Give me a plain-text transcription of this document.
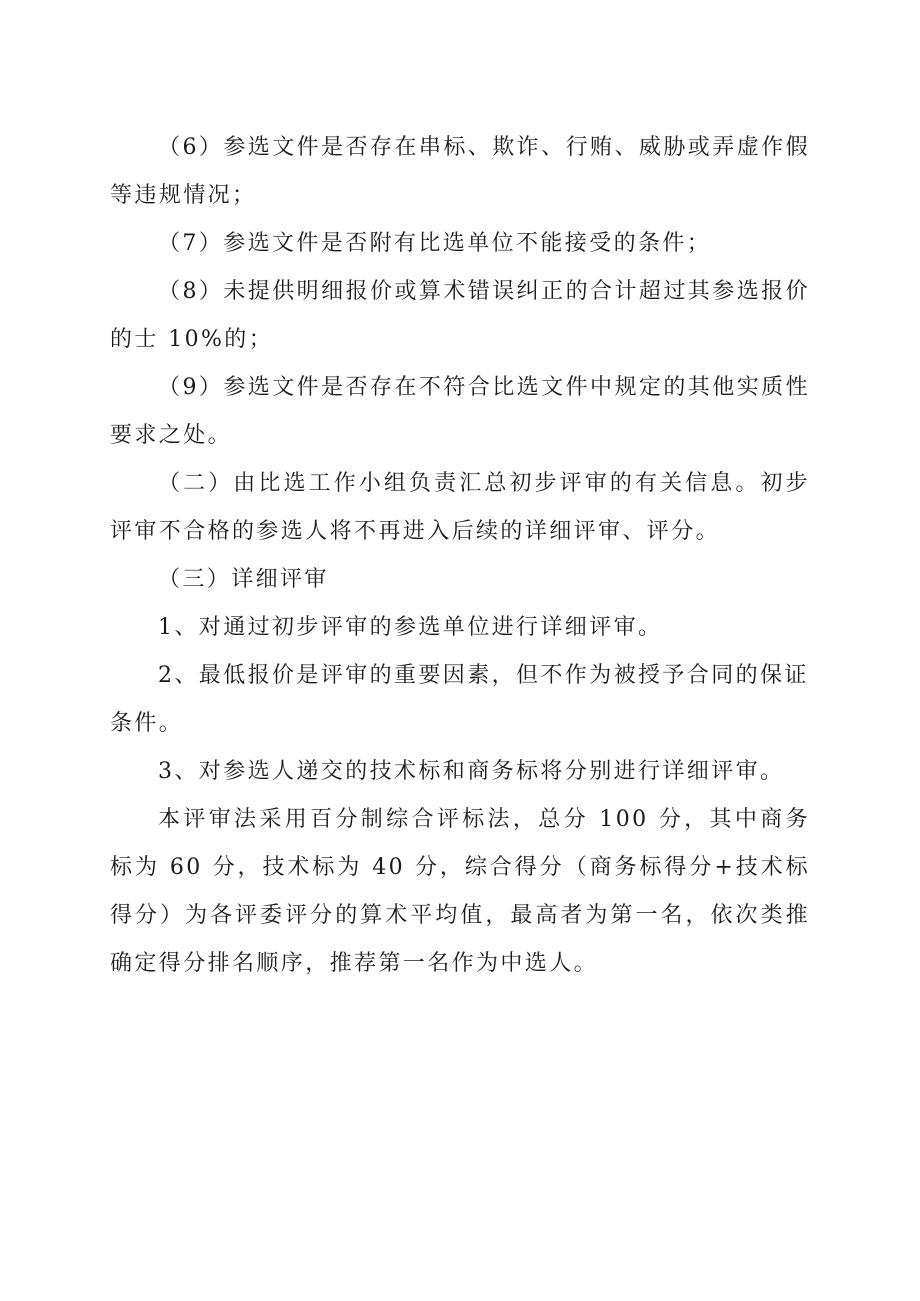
（6）参选文件是否存在串标、欺诈、行贿、威胁或弄虚作假等违规情况；

（7）参选文件是否附有比选单位不能接受的条件；

（8）未提供明细报价或算术错误纠正的合计超过其参选报价的士 10%的；

（9）参选文件是否存在不符合比选文件中规定的其他实质性要求之处。

（二）由比选工作小组负责汇总初步评审的有关信息。初步评审不合格的参选人将不再进入后续的详细评审、评分。

（三）详细评审

1、对通过初步评审的参选单位进行详细评审。

2、最低报价是评审的重要因素，但不作为被授予合同的保证条件。

3、对参选人递交的技术标和商务标将分别进行详细评审。

本评审法采用百分制综合评标法，总分 100 分，其中商务标为 60 分，技术标为 40 分，综合得分（商务标得分+技术标得分）为各评委评分的算术平均值，最高者为第一名，依次类推确定得分排名顺序，推荐第一名作为中选人。
